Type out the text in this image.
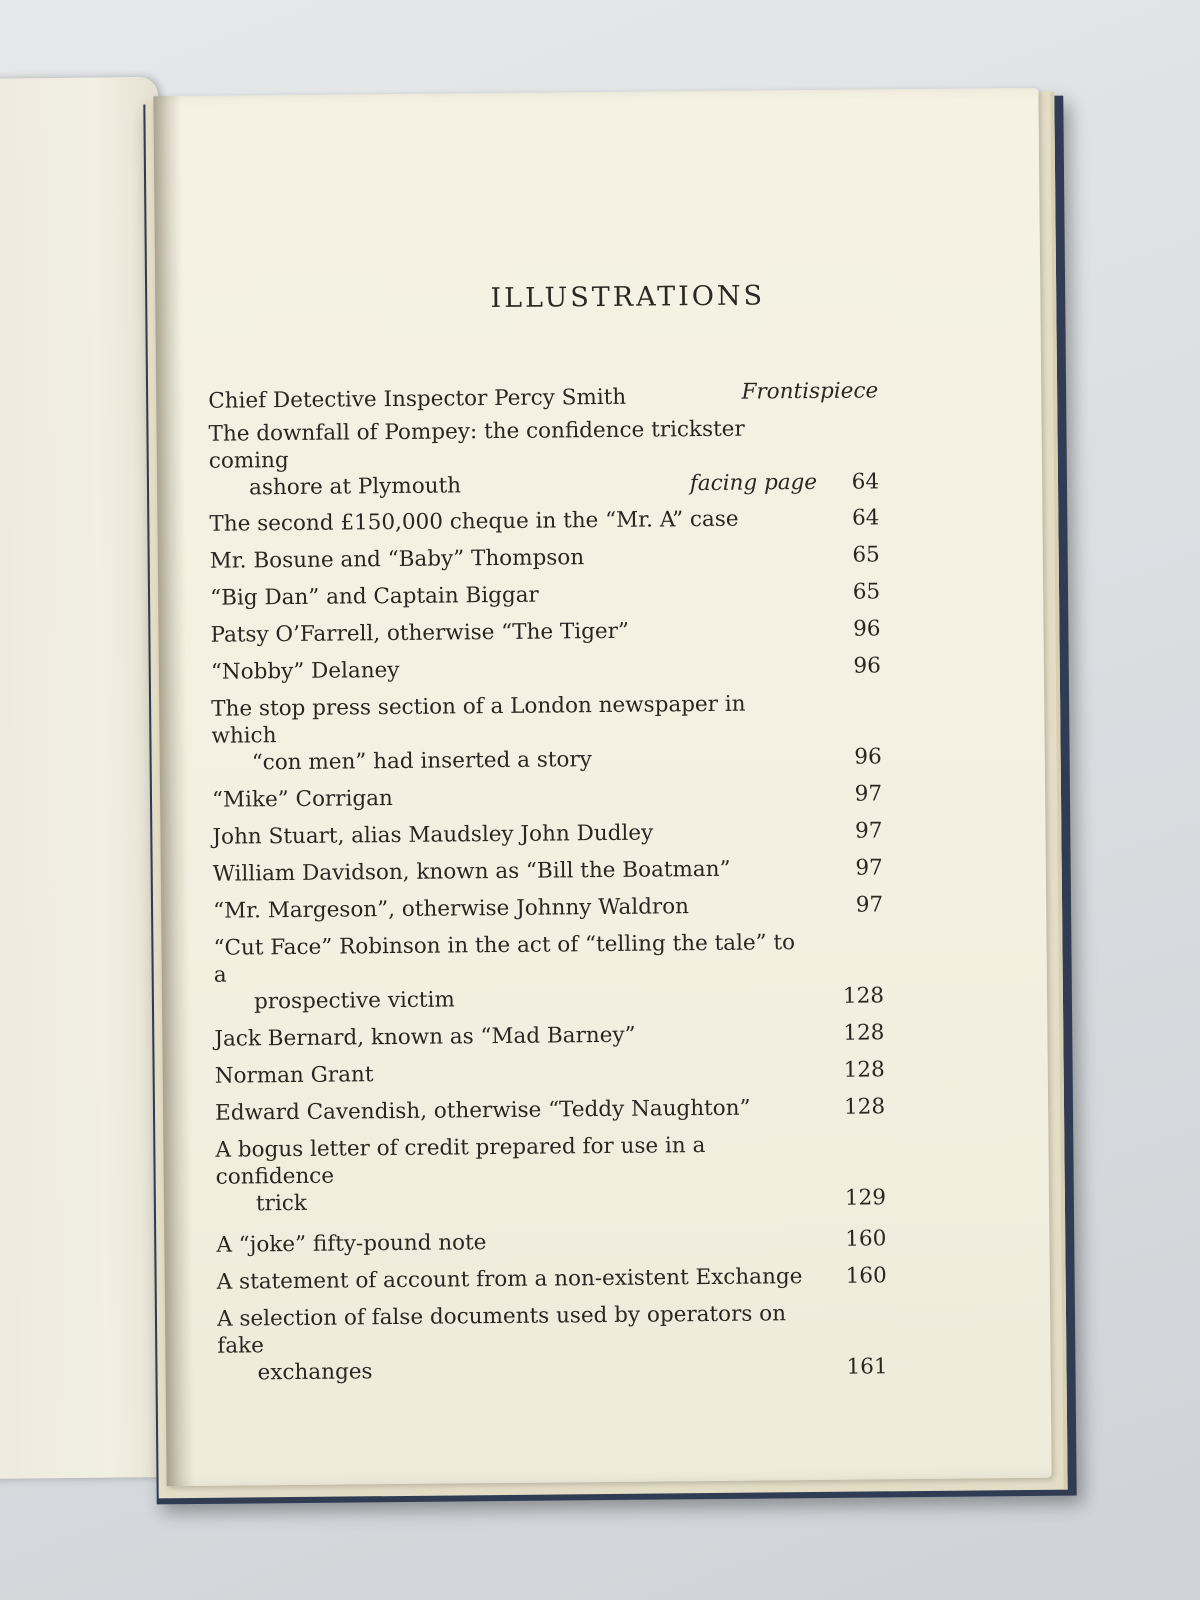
ILLUSTRATIONS
Chief Detective Inspector Percy Smith	Frontispiece
The downfall of Pompey: the confidence trickster coming
ashore at Plymouth	facing page	64
The second £150,000 cheque in the “Mr. A” case	64
Mr. Bosune and “Baby” Thompson	65
“Big Dan” and Captain Biggar	65
Patsy O’Farrell, otherwise “The Tiger”	96
“Nobby” Delaney	96
The stop press section of a London newspaper in which
“con men” had inserted a story	96
“Mike” Corrigan	97
John Stuart, alias Maudsley John Dudley	97
William Davidson, known as “Bill the Boatman”	97
“Mr. Margeson”, otherwise Johnny Waldron	97
“Cut Face” Robinson in the act of “telling the tale” to a
prospective victim	128
Jack Bernard, known as “Mad Barney”	128
Norman Grant	128
Edward Cavendish, otherwise “Teddy Naughton”	128
A bogus letter of credit prepared for use in a confidence
trick	129
A “joke” fifty-pound note	160
A statement of account from a non-existent Exchange	160
A selection of false documents used by operators on fake
exchanges	161
